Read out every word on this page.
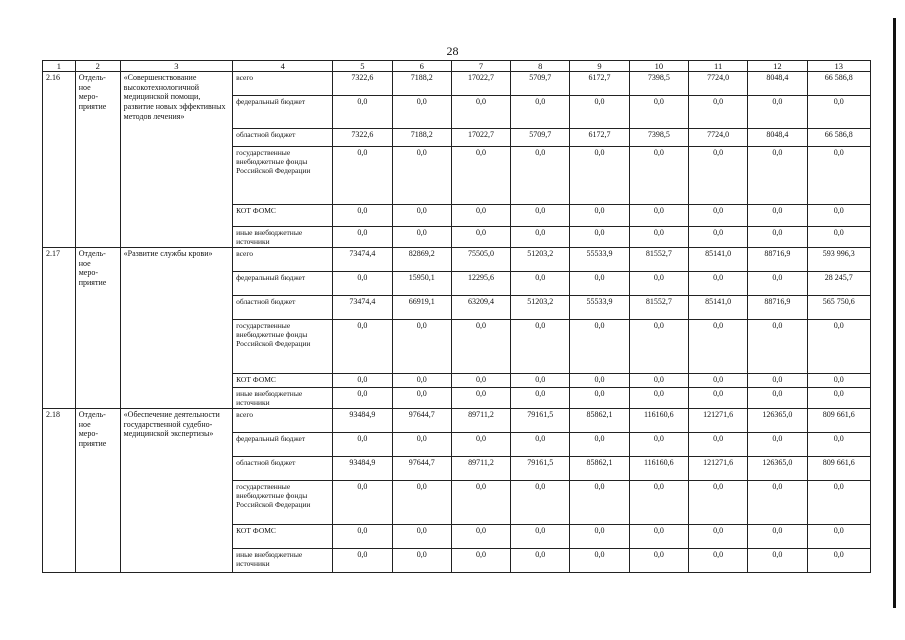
28
1	2	3	4	5	6	7	8	9	10	11	12	13
2.16	Отдель-
ное
меро-
приятие	«Совершенствование высокотехнологичной медицинской помощи, развитие новых эффективных методов лечения»	всего	7322,6	7188,2	17022,7	5709,7	6172,7	7398,5	7724,0	8048,4	66 586,8
			федеральный бюджет	0,0	0,0	0,0	0,0	0,0	0,0	0,0	0,0	0,0
			областной бюджет	7322,6	7188,2	17022,7	5709,7	6172,7	7398,5	7724,0	8048,4	66 586,8
			государственные внебюджетные фонды Российской Федерации	0,0	0,0	0,0	0,0	0,0	0,0	0,0	0,0	0,0
			КОТ ФОМС	0,0	0,0	0,0	0,0	0,0	0,0	0,0	0,0	0,0
			иные внебюджетные источники	0,0	0,0	0,0	0,0	0,0	0,0	0,0	0,0	0,0
2.17	Отдель-
ное
меро-
приятие	«Развитие службы крови»	всего	73474,4	82869,2	75505,0	51203,2	55533,9	81552,7	85141,0	88716,9	593 996,3
			федеральный бюджет	0,0	15950,1	12295,6	0,0	0,0	0,0	0,0	0,0	28 245,7
			областной бюджет	73474,4	66919,1	63209,4	51203,2	55533,9	81552,7	85141,0	88716,9	565 750,6
			государственные внебюджетные фонды Российской Федерации	0,0	0,0	0,0	0,0	0,0	0,0	0,0	0,0	0,0
			КОТ ФОМС	0,0	0,0	0,0	0,0	0,0	0,0	0,0	0,0	0,0
			иные внебюджетные источники	0,0	0,0	0,0	0,0	0,0	0,0	0,0	0,0	0,0
2.18	Отдель-
ное
меро-
приятие	«Обеспечение деятельности государственной судебно-медицинской экспертизы»	всего	93484,9	97644,7	89711,2	79161,5	85862,1	116160,6	121271,6	126365,0	809 661,6
			федеральный бюджет	0,0	0,0	0,0	0,0	0,0	0,0	0,0	0,0	0,0
			областной бюджет	93484,9	97644,7	89711,2	79161,5	85862,1	116160,6	121271,6	126365,0	809 661,6
			государственные внебюджетные фонды Российской Федерации	0,0	0,0	0,0	0,0	0,0	0,0	0,0	0,0	0,0
			КОТ ФОМС	0,0	0,0	0,0	0,0	0,0	0,0	0,0	0,0	0,0
			иные внебюджетные источники	0,0	0,0	0,0	0,0	0,0	0,0	0,0	0,0	0,0
